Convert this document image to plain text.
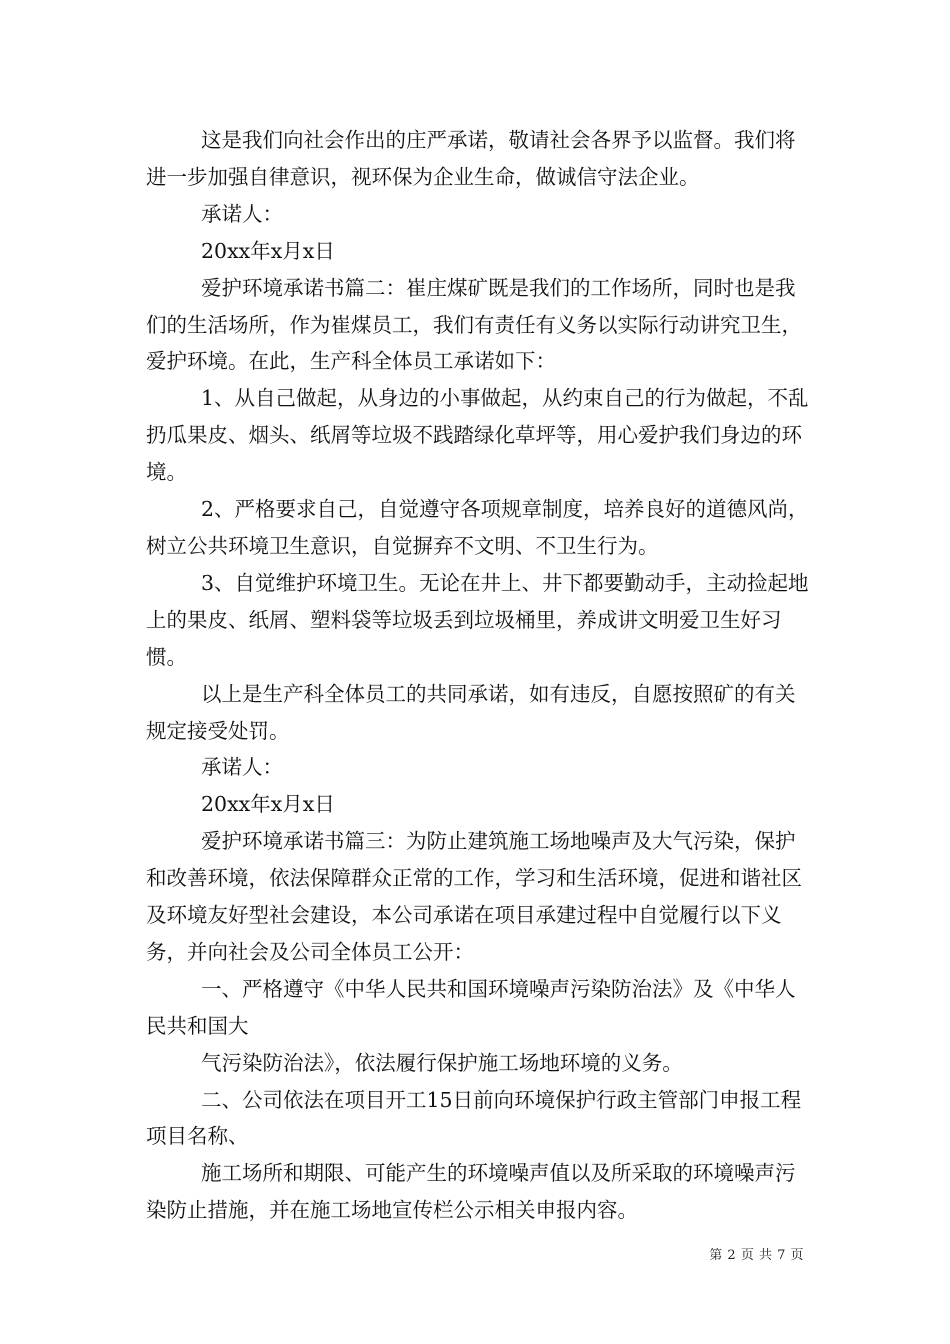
这是我们向社会作出的庄严承诺，敬请社会各界予以监督。我们将进一步加强自律意识，视环保为企业生命，做诚信守法企业。

承诺人：

20xx年x月x日

爱护环境承诺书篇二：崔庄煤矿既是我们的工作场所，同时也是我们的生活场所，作为崔煤员工，我们有责任有义务以实际行动讲究卫生，爱护环境。在此，生产科全体员工承诺如下：

1、从自己做起，从身边的小事做起，从约束自己的行为做起，不乱扔瓜果皮、烟头、纸屑等垃圾不践踏绿化草坪等，用心爱护我们身边的环境。

2、严格要求自己，自觉遵守各项规章制度，培养良好的道德风尚，树立公共环境卫生意识，自觉摒弃不文明、不卫生行为。

3、自觉维护环境卫生。无论在井上、井下都要勤动手，主动捡起地上的果皮、纸屑、塑料袋等垃圾丢到垃圾桶里，养成讲文明爱卫生好习惯。

以上是生产科全体员工的共同承诺，如有违反，自愿按照矿的有关规定接受处罚。

承诺人：

20xx年x月x日

爱护环境承诺书篇三：为防止建筑施工场地噪声及大气污染，保护和改善环境，依法保障群众正常的工作，学习和生活环境，促进和谐社区及环境友好型社会建设，本公司承诺在项目承建过程中自觉履行以下义务，并向社会及公司全体员工公开：

一、严格遵守《中华人民共和国环境噪声污染防治法》及《中华人民共和国大

气污染防治法》，依法履行保护施工场地环境的义务。

二、公司依法在项目开工15日前向环境保护行政主管部门申报工程项目名称、

施工场所和期限、可能产生的环境噪声值以及所采取的环境噪声污染防止措施，并在施工场地宣传栏公示相关申报内容。

第 2 页 共 7 页
